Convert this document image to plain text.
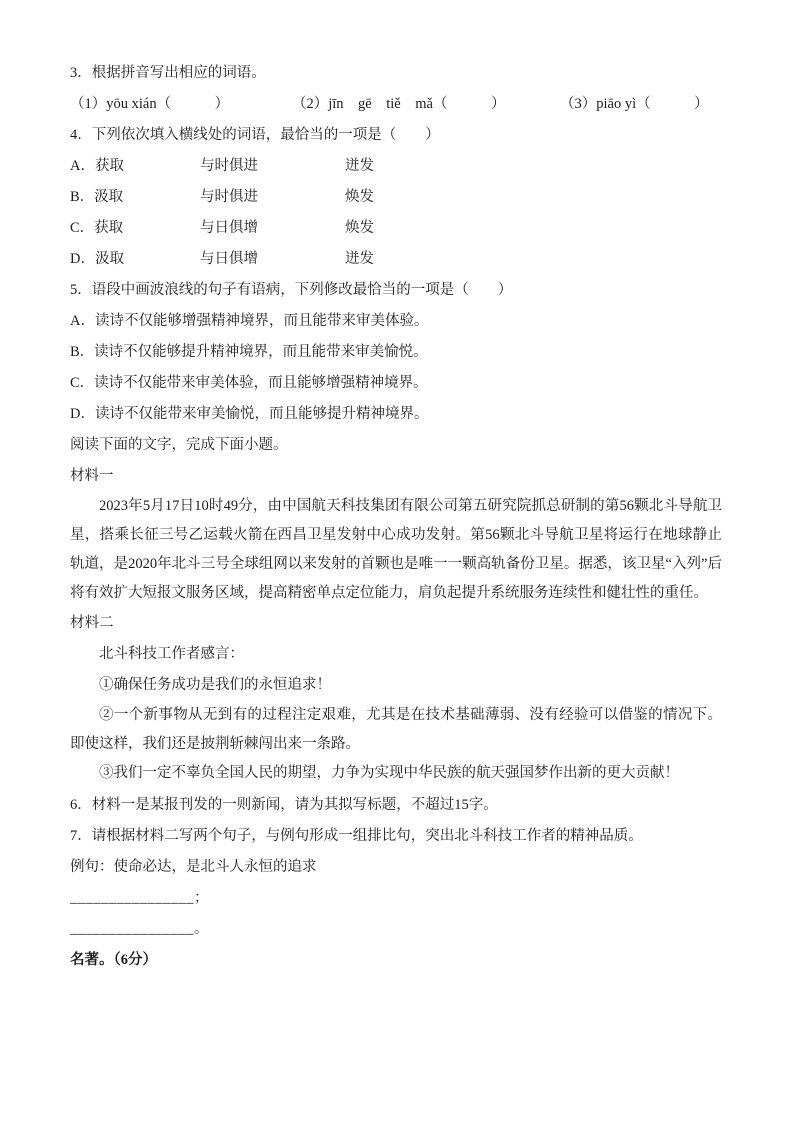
3．根据拼音写出相应的词语。
（1）yōu xián（　　　）	（2）jīn　gē　tiě　mǎ（　　　）	（3）piāo yì（　　　）
4．下列依次填入横线处的词语，最恰当的一项是（　　）
A．获取	与时俱进	迸发
B．汲取	与时俱进	焕发
C．获取	与日俱增	焕发
D．汲取	与日俱增	迸发
5．语段中画波浪线的句子有语病，下列修改最恰当的一项是（　　）
A．读诗不仅能够增强精神境界，而且能带来审美体验。
B．读诗不仅能够提升精神境界，而且能带来审美愉悦。
C．读诗不仅能带来审美体验，而且能够增强精神境界。
D．读诗不仅能带来审美愉悦，而且能够提升精神境界。
阅读下面的文字，完成下面小题。
材料一
2023年5月17日10时49分，由中国航天科技集团有限公司第五研究院抓总研制的第56颗北斗导航卫星，搭乘长征三号乙运载火箭在西昌卫星发射中心成功发射。第56颗北斗导航卫星将运行在地球静止轨道，是2020年北斗三号全球组网以来发射的首颗也是唯一一颗高轨备份卫星。据悉，该卫星“入列”后将有效扩大短报文服务区域，提高精密单点定位能力，肩负起提升系统服务连续性和健壮性的重任。
材料二
北斗科技工作者感言：
①确保任务成功是我们的永恒追求！
②一个新事物从无到有的过程注定艰难，尤其是在技术基础薄弱、没有经验可以借鉴的情况下。即使这样，我们还是披荆斩棘闯出来一条路。
③我们一定不辜负全国人民的期望，力争为实现中华民族的航天强国梦作出新的更大贡献！
6．材料一是某报刊发的一则新闻，请为其拟写标题，不超过15字。
7．请根据材料二写两个句子，与例句形成一组排比句，突出北斗科技工作者的精神品质。
例句：使命必达，是北斗人永恒的追求
________________；
________________。
名著。（6分）
